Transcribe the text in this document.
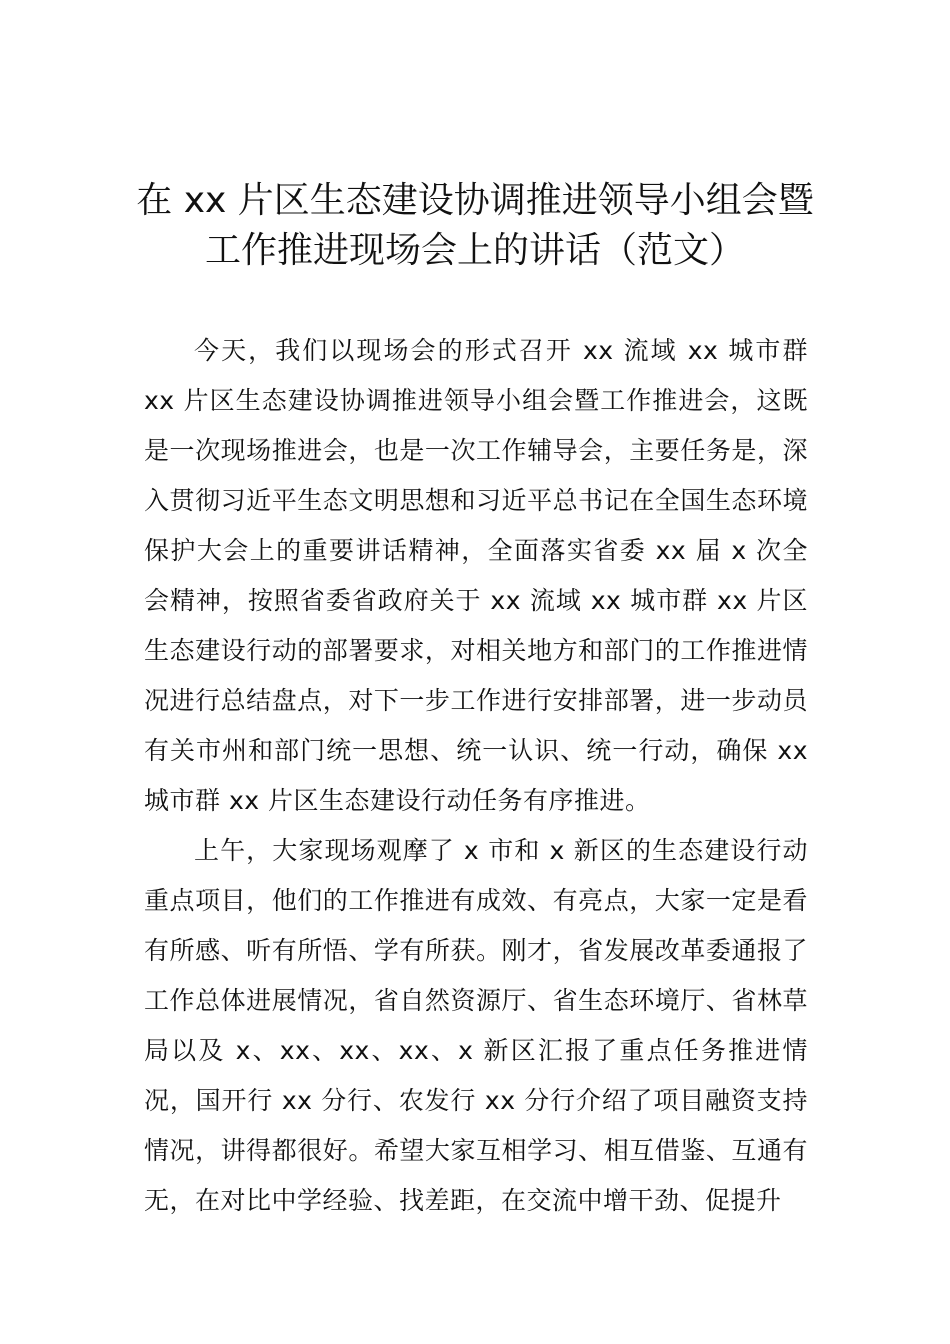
在 xx 片区生态建设协调推进领导小组会暨
工作推进现场会上的讲话（范文）

今天，我们以现场会的形式召开 xx 流域 xx 城市群 xx 片区生态建设协调推进领导小组会暨工作推进会，这既是一次现场推进会，也是一次工作辅导会，主要任务是，深入贯彻习近平生态文明思想和习近平总书记在全国生态环境保护大会上的重要讲话精神，全面落实省委 xx 届 x 次全会精神，按照省委省政府关于 xx 流域 xx 城市群 xx 片区生态建设行动的部署要求，对相关地方和部门的工作推进情况进行总结盘点，对下一步工作进行安排部署，进一步动员有关市州和部门统一思想、统一认识、统一行动，确保 xx 城市群 xx 片区生态建设行动任务有序推进。

上午，大家现场观摩了 x 市和 x 新区的生态建设行动重点项目，他们的工作推进有成效、有亮点，大家一定是看有所感、听有所悟、学有所获。刚才，省发展改革委通报了工作总体进展情况，省自然资源厅、省生态环境厅、省林草局以及 x、xx、xx、xx、x 新区汇报了重点任务推进情况，国开行 xx 分行、农发行 xx 分行介绍了项目融资支持情况，讲得都很好。希望大家互相学习、相互借鉴、互通有无，在对比中学经验、找差距，在交流中增干劲、促提升
